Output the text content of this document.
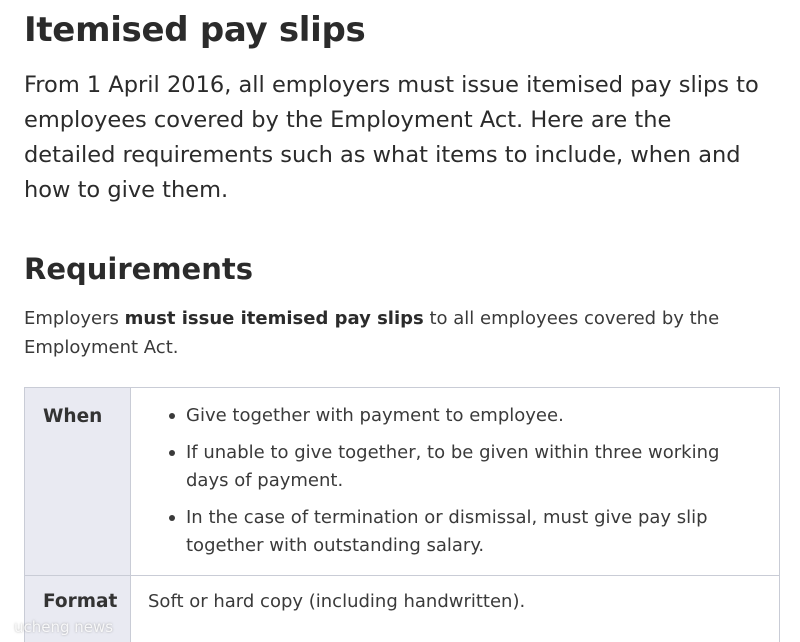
Itemised pay slips

From 1 April 2016, all employers must issue itemised pay slips to employees covered by the Employment Act. Here are the detailed requirements such as what items to include, when and how to give them.

Requirements

Employers must issue itemised pay slips to all employees covered by the Employment Act.

When	Give together with payment to employee.
If unable to give together, to be given within three working days of payment.
In the case of termination or dismissal, must give pay slip together with outstanding salary.
Format Soft or hard copy (including handwritten).
ucheng news
